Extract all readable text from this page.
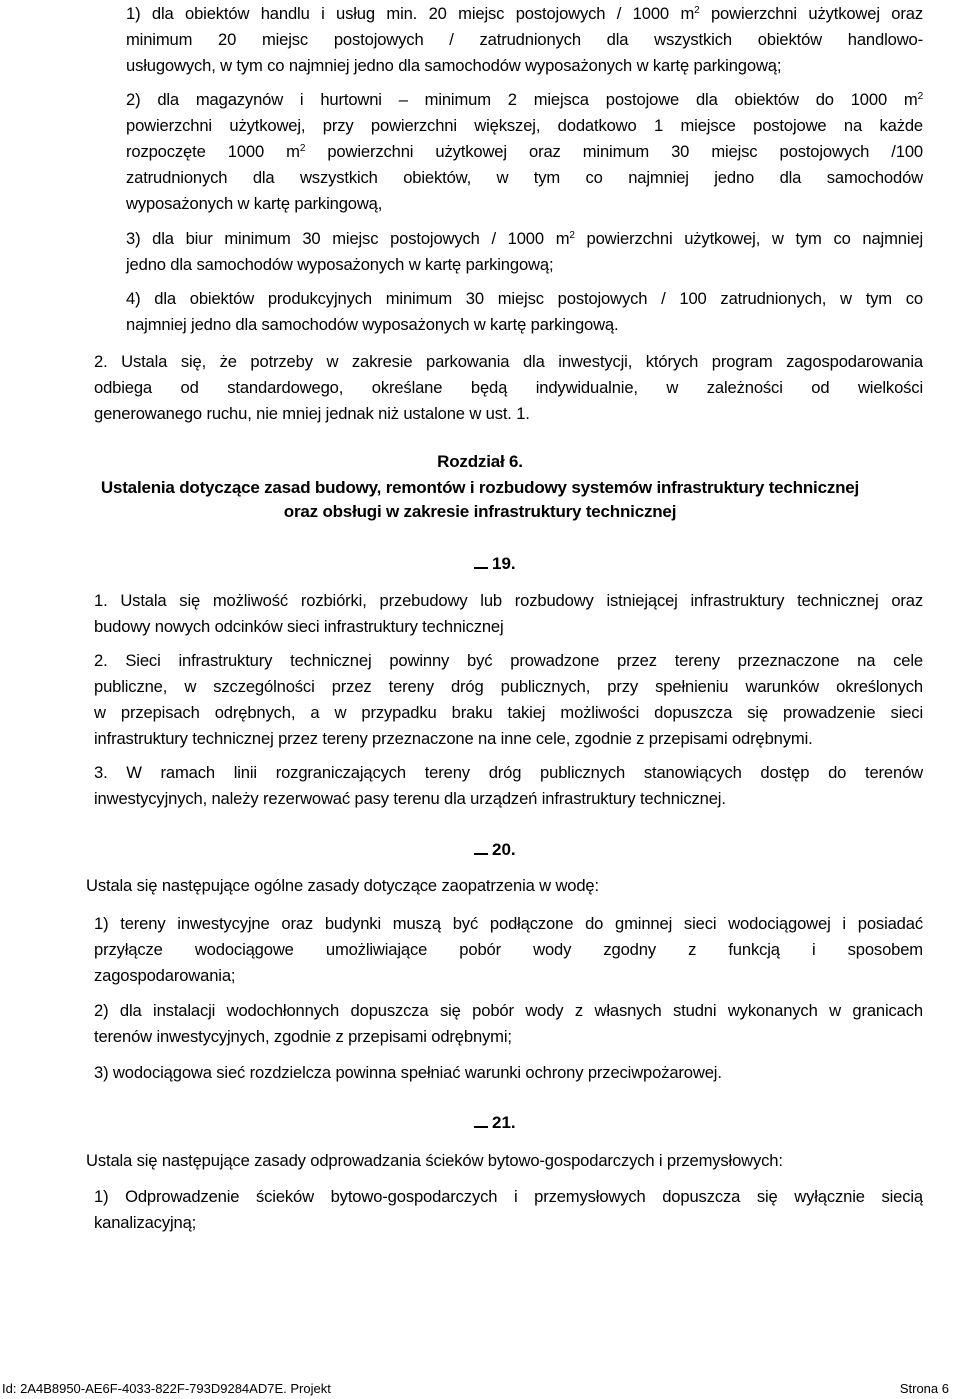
1) dla obiektów handlu i usług min. 20 miejsc postojowych / 1000 $m^2$ powierzchni użytkowej oraz
minimum 20 miejsc postojowych / zatrudnionych dla wszystkich obiektów handlowo-
usługowych, w tym co najmniej jedno dla samochodów wyposażonych w kartę parkingową;
2) dla magazynów i hurtowni – minimum 2 miejsca postojowe dla obiektów do 1000 $m^2$
powierzchni użytkowej, przy powierzchni większej, dodatkowo 1 miejsce postojowe na każde
rozpoczęte 1000 $m^2$ powierzchni użytkowej oraz minimum 30 miejsc postojowych /100
zatrudnionych dla wszystkich obiektów, w tym co najmniej jedno dla samochodów
wyposażonych w kartę parkingową,
3) dla biur minimum 30 miejsc postojowych / 1000 $m^2$ powierzchni użytkowej, w tym co najmniej
jedno dla samochodów wyposażonych w kartę parkingową;
4) dla obiektów produkcyjnych minimum 30 miejsc postojowych / 100 zatrudnionych, w tym co
najmniej jedno dla samochodów wyposażonych w kartę parkingową.
2. Ustala się, że potrzeby w zakresie parkowania dla inwestycji, których program zagospodarowania
odbiega od standardowego, określane będą indywidualnie, w zależności od wielkości
generowanego ruchu, nie mniej jednak niż ustalone w ust. 1.

Rozdział 6.

Ustalenia dotyczące zasad budowy, remontów i rozbudowy systemów infrastruktury technicznej

oraz obsługi w zakresie infrastruktury technicznej

19.
1. Ustala się możliwość rozbiórki, przebudowy lub rozbudowy istniejącej infrastruktury technicznej oraz
budowy nowych odcinków sieci infrastruktury technicznej
2. Sieci infrastruktury technicznej powinny być prowadzone przez tereny przeznaczone na cele
publiczne, w szczególności przez tereny dróg publicznych, przy spełnieniu warunków określonych
w przepisach odrębnych, a w przypadku braku takiej możliwości dopuszcza się prowadzenie sieci
infrastruktury technicznej przez tereny przeznaczone na inne cele, zgodnie z przepisami odrębnymi.
3. W ramach linii rozgraniczających tereny dróg publicznych stanowiących dostęp do terenów
inwestycyjnych, należy rezerwować pasy terenu dla urządzeń infrastruktury technicznej.
20.
Ustala się następujące ogólne zasady dotyczące zaopatrzenia w wodę:
1) tereny inwestycyjne oraz budynki muszą być podłączone do gminnej sieci wodociągowej i posiadać
przyłącze wodociągowe umożliwiające pobór wody zgodny z funkcją i sposobem
zagospodarowania;
2) dla instalacji wodochłonnych dopuszcza się pobór wody z własnych studni wykonanych w granicach
terenów inwestycyjnych, zgodnie z przepisami odrębnymi;
3) wodociągowa sieć rozdzielcza powinna spełniać warunki ochrony przeciwpożarowej.
21.
Ustala się następujące zasady odprowadzania ścieków bytowo-gospodarczych i przemysłowych:
1) Odprowadzenie ścieków bytowo-gospodarczych i przemysłowych dopuszcza się wyłącznie siecią
kanalizacyjną;
Id: 2A4B8950-AE6F-4033-822F-793D9284AD7E. Projekt	Strona 6
